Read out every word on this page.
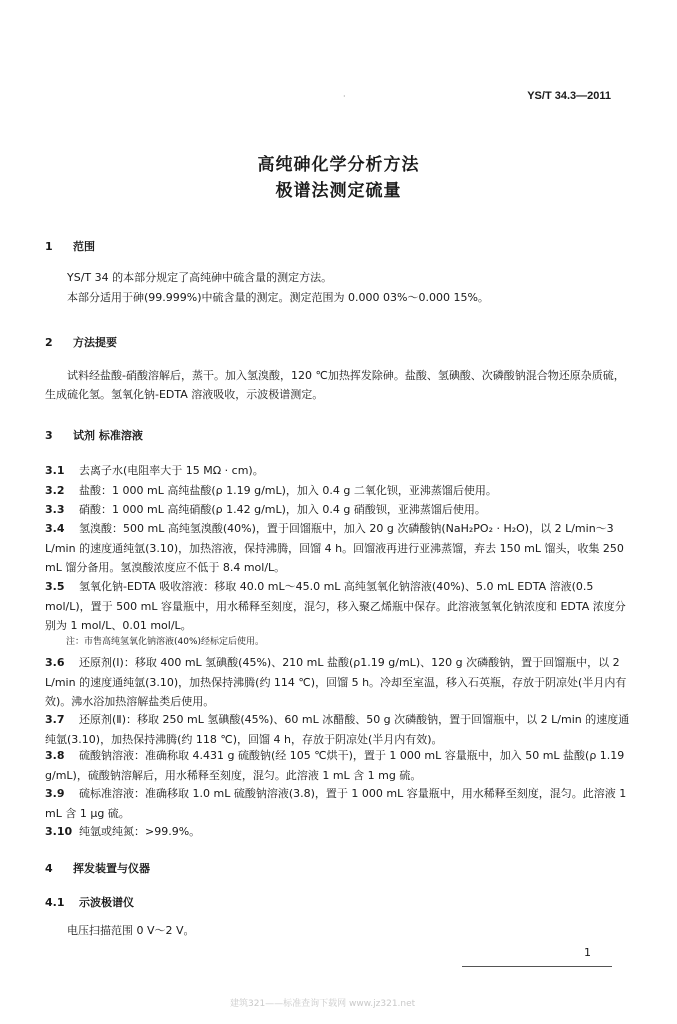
·	YS/T 34.3—2011
高纯砷化学分析方法
极谱法测定硫量
1 范围
YS/T 34 的本部分规定了高纯砷中硫含量的测定方法。
本部分适用于砷(99.999%)中硫含量的测定。测定范围为 0.000 03%～0.000 15%。
2 方法提要
试料经盐酸-硝酸溶解后，蒸干。加入氢溴酸，120 ℃加热挥发除砷。盐酸、氢碘酸、次磷酸钠混合物还原杂质硫，生成硫化氢。氢氧化钠-EDTA 溶液吸收，示波极谱测定。
3 试剂 标准溶液
3.1 去离子水(电阻率大于 15 MΩ · cm)。
3.2 盐酸：1 000 mL 高纯盐酸(ρ 1.19 g/mL)，加入 0.4 g 二氧化钡，亚沸蒸馏后使用。
3.3 硝酸：1 000 mL 高纯硝酸(ρ 1.42 g/mL)，加入 0.4 g 硝酸钡，亚沸蒸馏后使用。
3.4 氢溴酸：500 mL 高纯氢溴酸(40%)，置于回馏瓶中，加入 20 g 次磷酸钠(NaH₂PO₂ · H₂O)，以 2 L/min～3 L/min 的速度通纯氩(3.10)，加热溶液，保持沸腾，回馏 4 h。回馏液再进行亚沸蒸馏，弃去 150 mL 馏头，收集 250 mL 馏分备用。氢溴酸浓度应不低于 8.4 mol/L。
3.5 氢氧化钠-EDTA 吸收溶液：移取 40.0 mL～45.0 mL 高纯氢氧化钠溶液(40%)、5.0 mL EDTA 溶液(0.5 mol/L)，置于 500 mL 容量瓶中，用水稀释至刻度，混匀，移入聚乙烯瓶中保存。此溶液氢氧化钠浓度和 EDTA 浓度分别为 1 mol/L、0.01 mol/L。
注：市售高纯氢氧化钠溶液(40%)经标定后使用。
3.6 还原剂(Ⅰ)：移取 400 mL 氢碘酸(45%)、210 mL 盐酸(ρ1.19 g/mL)、120 g 次磷酸钠，置于回馏瓶中，以 2 L/min 的速度通纯氩(3.10)，加热保持沸腾(约 114 ℃)，回馏 5 h。冷却至室温，移入石英瓶，存放于阴凉处(半月内有效)。沸水浴加热溶解盐类后使用。
3.7 还原剂(Ⅱ)：移取 250 mL 氢碘酸(45%)、60 mL 冰醋酸、50 g 次磷酸钠，置于回馏瓶中，以 2 L/min 的速度通纯氩(3.10)，加热保持沸腾(约 118 ℃)，回馏 4 h，存放于阴凉处(半月内有效)。
3.8 硫酸钠溶液：准确称取 4.431 g 硫酸钠(经 105 ℃烘干)，置于 1 000 mL 容量瓶中，加入 50 mL 盐酸(ρ 1.19 g/mL)，硫酸钠溶解后，用水稀释至刻度，混匀。此溶液 1 mL 含 1 mg 硫。
3.9 硫标准溶液：准确移取 1.0 mL 硫酸钠溶液(3.8)，置于 1 000 mL 容量瓶中，用水稀释至刻度，混匀。此溶液 1 mL 含 1 μg 硫。
3.10 纯氩或纯氮：>99.9%。
4 挥发装置与仪器
4.1 示波极谱仪
电压扫描范围 0 V～2 V。
1
建筑321——标准查询下载网 www.jz321.net
